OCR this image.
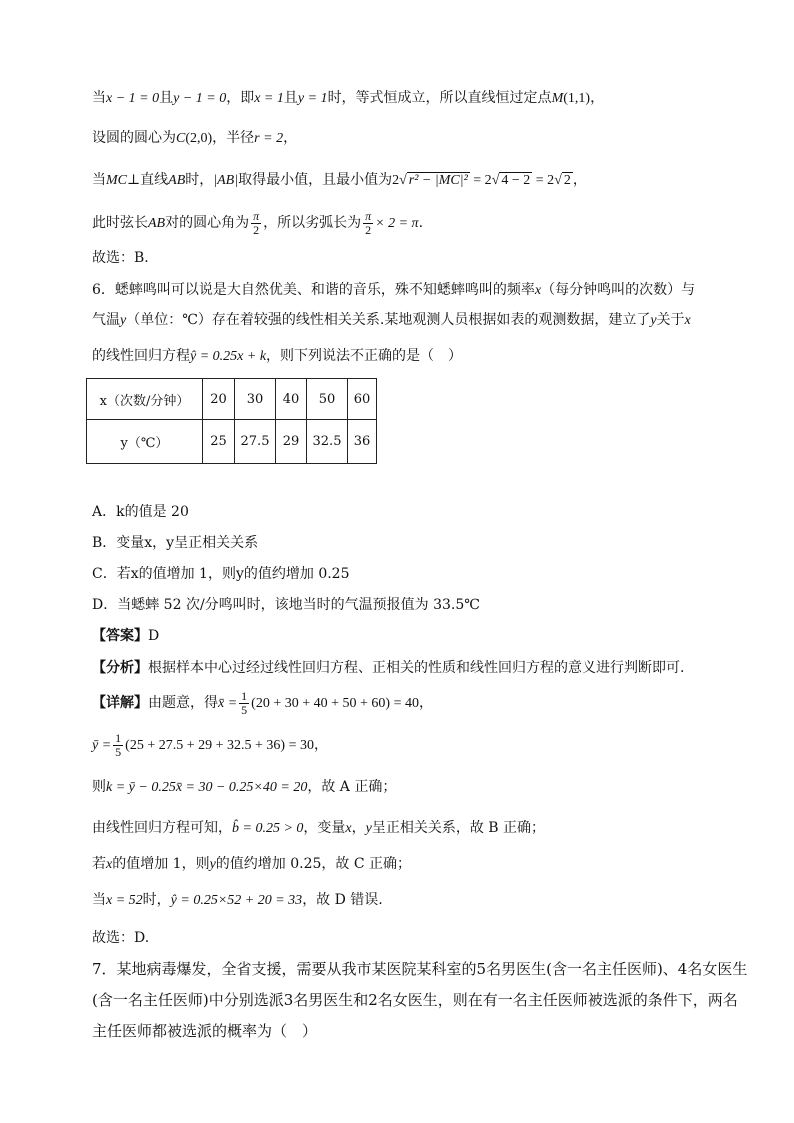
当x − 1 = 0且y − 1 = 0，即x = 1且y = 1时，等式恒成立，所以直线恒过定点M(1,1)，
设圆的圆心为C(2,0)，半径r = 2，
当MC⊥直线AB时，|AB|取得最小值，且最小值为2√ r² − |MC|² = 2√ 4 − 2 = 2√ 2 ，
此时弦长AB对的圆心角为 $\frac{\pi}{2}$ ，所以劣弧长为 $\frac{\pi}{2} \times 2 = \pi$.
故选：B.
6．蟋蟀鸣叫可以说是大自然优美、和谐的音乐，殊不知蟋蟀鸣叫的频率x（每分钟鸣叫的次数）与
气温y（单位：℃）存在着较强的线性相关关系.某地观测人员根据如表的观测数据，建立了y关于x
的线性回归方程ŷ = 0.25x + k，则下列说法不正确的是（　）
x（次数/分钟）	20	30	40	50	60
y（℃）	25	27.5	29	32.5	36
A．k的值是 20
B．变量x，y呈正相关关系
C．若x的值增加 1，则y的值约增加 0.25
D．当蟋蟀 52 次/分鸣叫时，该地当时的气温预报值为 33.5℃
【答案】D
【分析】根据样本中心过经过线性回归方程、正相关的性质和线性回归方程的意义进行判断即可.
【详解】由题意，得x̄ = $\frac{1}{5} (20 + 30 + 40 + 50 + 60) = 40$，
ȳ = $\frac{1}{5} (25 + 27.5 + 29 + 32.5 + 36) = 30$，
则k = ȳ − 0.25x̄ = 30 − 0.25×40 = 20，故 A 正确；
由线性回归方程可知，b̂ = 0.25 > 0，变量x，y呈正相关关系，故 B 正确；
若x的值增加 1，则y的值约增加 0.25，故 C 正确；
当x = 52时，ŷ = 0.25×52 + 20 = 33，故 D 错误.
故选：D.
7．某地病毒爆发，全省支援，需要从我市某医院某科室的5名男医生(含一名主任医师)、4名女医生
(含一名主任医师)中分别选派3名男医生和2名女医生，则在有一名主任医师被选派的条件下，两名
主任医师都被选派的概率为（　）
